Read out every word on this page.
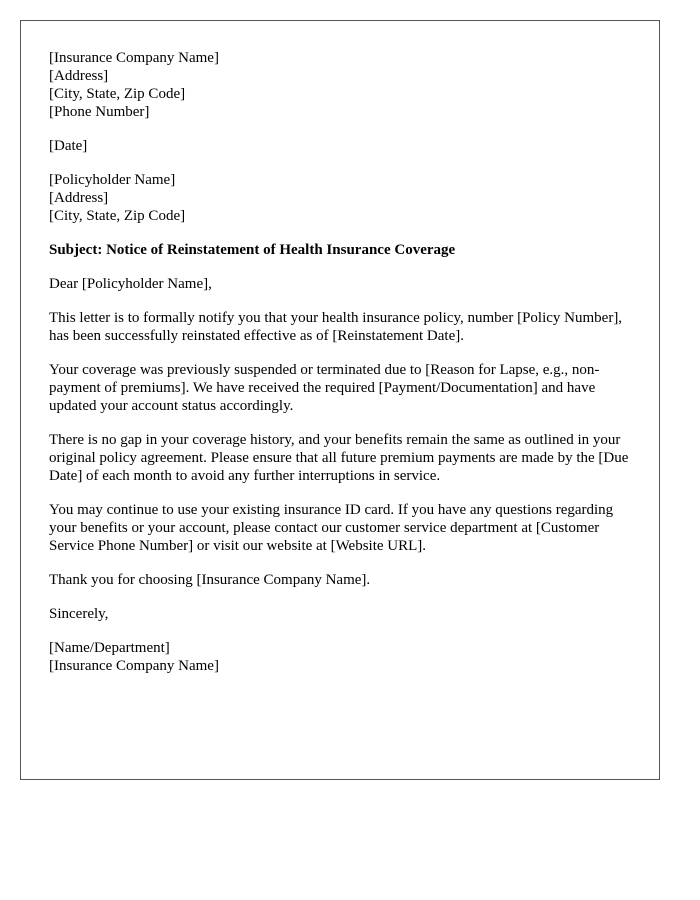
[Insurance Company Name]
[Address]
[City, State, Zip Code]
[Phone Number]
[Date]
[Policyholder Name]
[Address]
[City, State, Zip Code]
Subject: Notice of Reinstatement of Health Insurance Coverage
Dear [Policyholder Name],

This letter is to formally notify you that your health insurance policy, number [Policy Number], has been successfully reinstated effective as of [Reinstatement Date].

Your coverage was previously suspended or terminated due to [Reason for Lapse, e.g., non-payment of premiums]. We have received the required [Payment/Documentation] and have updated your account status accordingly.

There is no gap in your coverage history, and your benefits remain the same as outlined in your original policy agreement. Please ensure that all future premium payments are made by the [Due Date] of each month to avoid any further interruptions in service.

You may continue to use your existing insurance ID card. If you have any questions regarding your benefits or your account, please contact our customer service department at [Customer Service Phone Number] or visit our website at [Website URL].

Thank you for choosing [Insurance Company Name].

Sincerely,
[Name/Department]
[Insurance Company Name]
